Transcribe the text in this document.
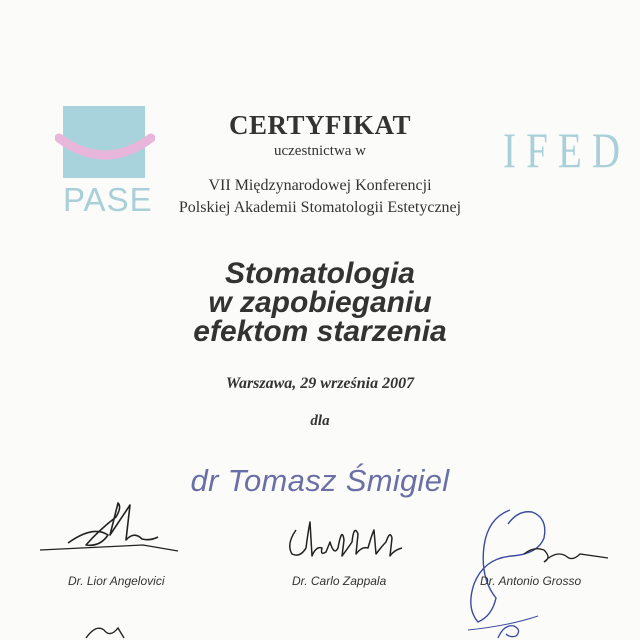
PASE
IFED
CERTYFIKAT
uczestnictwa w
VII Międzynarodowej Konferencji
Polskiej Akademii Stomatologii Estetycznej
Stomatologia
w zapobieganiu
efektom starzenia
Warszawa, 29 września 2007
dla
dr Tomasz Śmigiel
Dr. Lior Angelovici	Dr. Carlo Zappala	Dr. Antonio Grosso
